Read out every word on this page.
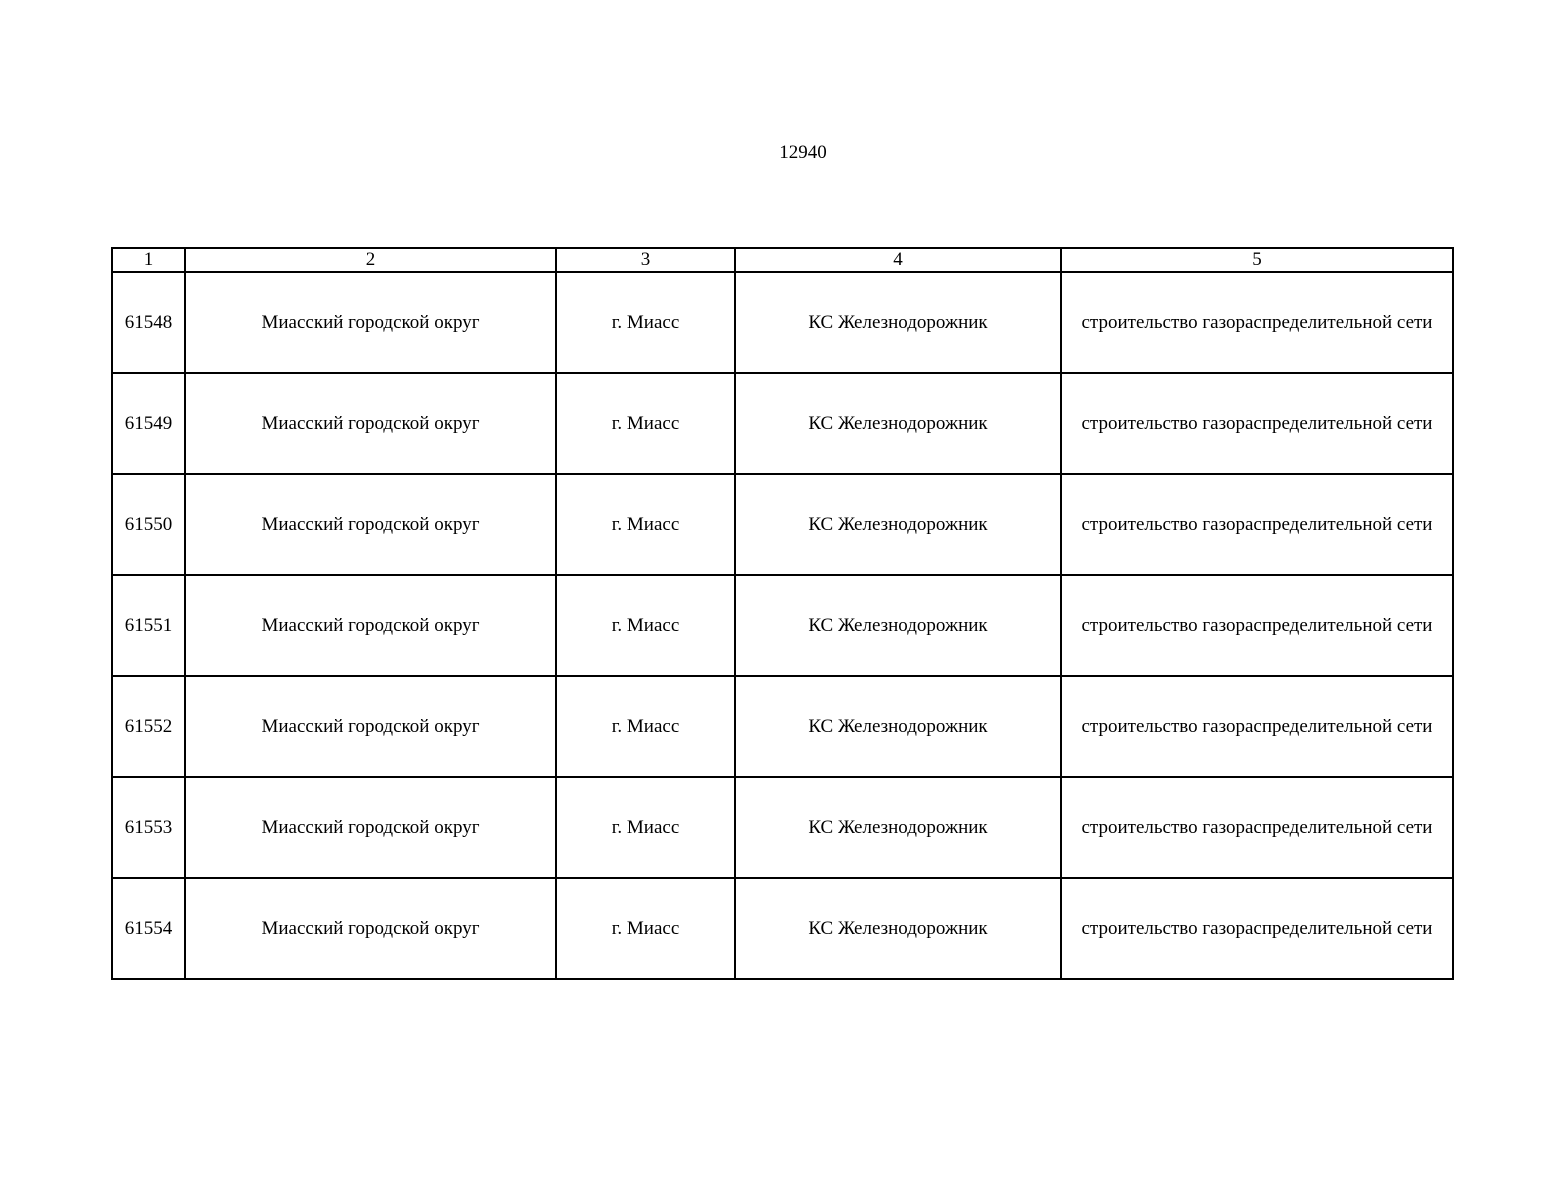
12940
1	2	3	4	5
61548	Миасский городской округ	г. Миасс	КС Железнодорожник	строительство газораспределительной сети
61549	Миасский городской округ	г. Миасс	КС Железнодорожник	строительство газораспределительной сети
61550	Миасский городской округ	г. Миасс	КС Железнодорожник	строительство газораспределительной сети
61551	Миасский городской округ	г. Миасс	КС Железнодорожник	строительство газораспределительной сети
61552	Миасский городской округ	г. Миасс	КС Железнодорожник	строительство газораспределительной сети
61553	Миасский городской округ	г. Миасс	КС Железнодорожник	строительство газораспределительной сети
61554	Миасский городской округ	г. Миасс	КС Железнодорожник	строительство газораспределительной сети
